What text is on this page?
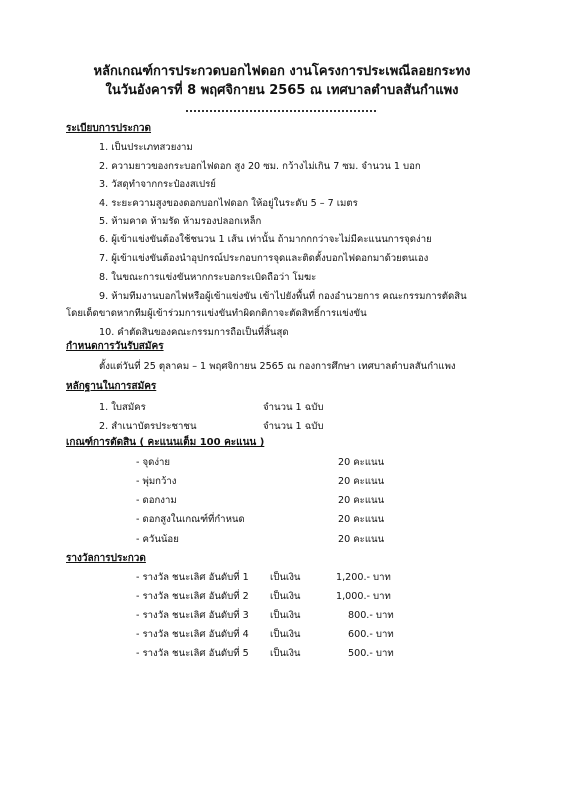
หลักเกณฑ์การประกวดบอกไฟดอก งานโครงการประเพณีลอยกระทง
ในวันอังคารที่ 8 พฤศจิกายน 2565 ณ เทศบาลตำบลสันกำแพง
ระเบียบการประกวด
1. เป็นประเภทสวยงาม
2. ความยาวของกระบอกไฟดอก สูง 20 ซม. กว้างไม่เกิน 7 ซม. จำนวน 1 บอก
3. วัสดุทำจากกระป๋องสเปรย์
4. ระยะความสูงของดอกบอกไฟดอก ให้อยู่ในระดับ 5 – 7 เมตร
5. ห้ามคาด ห้ามรัด ห้ามรองปลอกเหล็ก
6. ผู้เข้าแข่งขันต้องใช้ชนวน 1 เส้น เท่านั้น ถ้ามากกกว่าจะไม่มีคะแนนการจุดง่าย
7. ผู้เข้าแข่งขันต้องนำอุปกรณ์ประกอบการจุดและติดตั้งบอกไฟดอกมาด้วยตนเอง
8. ในขณะการแข่งขันหากกระบอกระเบิดถือว่า โมฆะ
9. ห้ามทีมงานบอกไฟหรือผู้เข้าแข่งขัน เข้าไปยังพื้นที่ กองอำนวยการ คณะกรรมการตัดสิน
โดยเด็ดขาดหากทีมผู้เข้าร่วมการแข่งขันทำผิดกติกาจะตัดสิทธิ์การแข่งขัน
10. คำตัดสินของคณะกรรมการถือเป็นที่สิ้นสุด
กำหนดการวันรับสมัคร
ตั้งแต่วันที่ 25 ตุลาคม – 1 พฤศจิกายน 2565 ณ กองการศึกษา เทศบาลตำบลสันกำแพง
หลักฐานในการสมัคร
1. ใบสมัคร	จำนวน 1 ฉบับ
2. สำเนาบัตรประชาชน	จำนวน 1 ฉบับ
เกณฑ์การตัดสิน ( คะแนนเต็ม 100 คะแนน )
- จุดง่าย	20 คะแนน
- พุ่มกว้าง	20 คะแนน
- ดอกงาม	20 คะแนน
- ดอกสูงในเกณฑ์ที่กำหนด	20 คะแนน
- ควันน้อย	20 คะแนน
รางวัลการประกวด
- รางวัล ชนะเลิศ อันดับที่ 1 เป็นเงิน	1,200.- บาท
- รางวัล ชนะเลิศ อันดับที่ 2 เป็นเงิน	1,000.- บาท
- รางวัล ชนะเลิศ อันดับที่ 3 เป็นเงิน	800.- บาท
- รางวัล ชนะเลิศ อันดับที่ 4 เป็นเงิน	600.- บาท
- รางวัล ชนะเลิศ อันดับที่ 5 เป็นเงิน	500.- บาท
